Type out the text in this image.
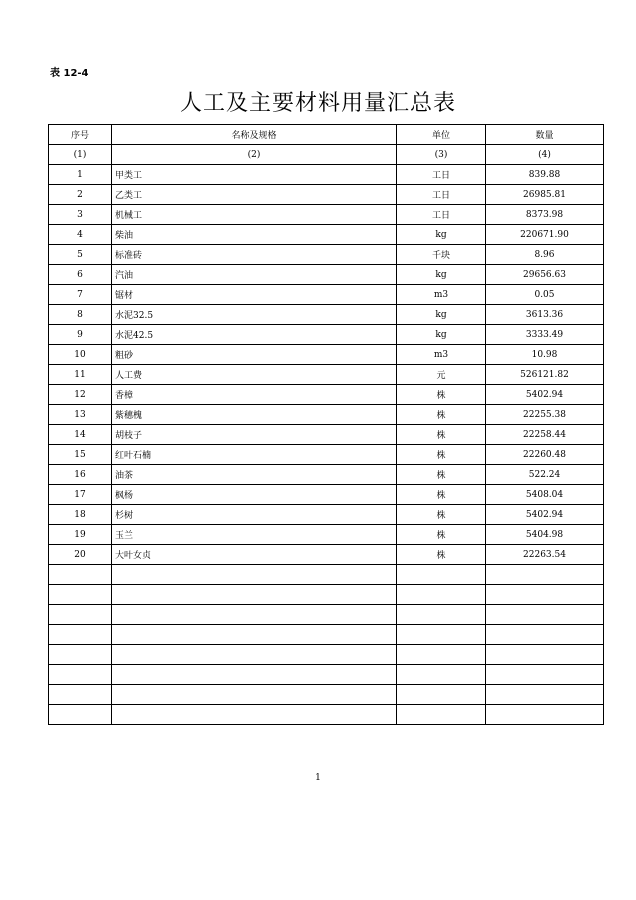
表 12-4
人工及主要材料用量汇总表
序号	名称及规格	单位	数量
(1)	(2)	(3)	(4)
1	甲类工	工日	839.88
2	乙类工	工日	26985.81
3	机械工	工日	8373.98
4	柴油	kg	220671.90
5	标准砖	千块	8.96
6	汽油	kg	29656.63
7	锯材	m3	0.05
8	水泥32.5	kg	3613.36
9	水泥42.5	kg	3333.49
10	粗砂	m3	10.98
11	人工费	元	526121.82
12	香樟	株	5402.94
13	紫穗槐	株	22255.38
14	胡枝子	株	22258.44
15	红叶石楠	株	22260.48
16	油茶	株	522.24
17	枫杨	株	5408.04
18	杉树	株	5402.94
19	玉兰	株	5404.98
20	大叶女贞	株	22263.54

1
